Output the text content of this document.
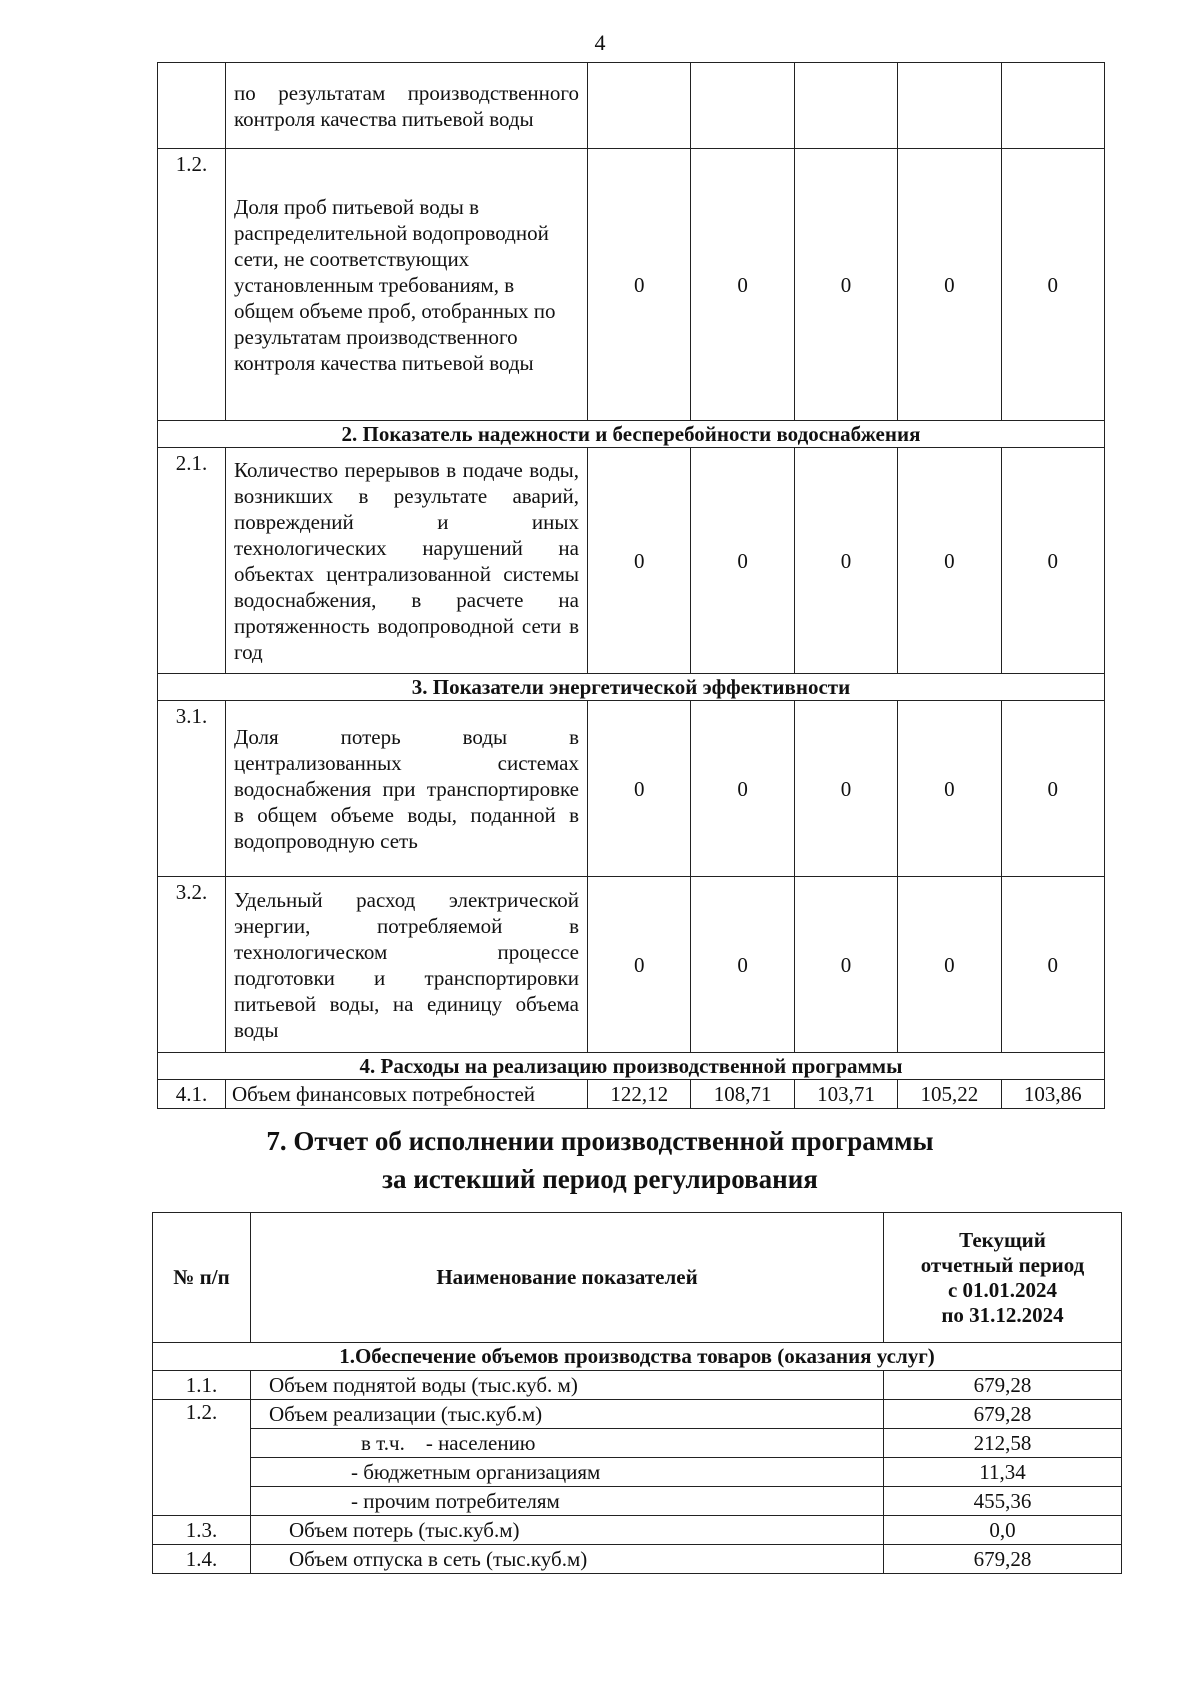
4
	по результатам производственного контроля качества питьевой воды					
1.2.	Доля проб питьевой воды в распределительной водопроводной сети, не соответствующих установленным требованиям, в общем объеме проб, отобранных по результатам производственного контроля качества питьевой воды	0	0	0	0	0
2. Показатель надежности и бесперебойности водоснабжения						
2.1.	Количество перерывов в подаче воды, возникших в результате аварий, повреждений и иных технологических нарушений на объектах централизованной системы водоснабжения, в расчете на протяженность водопроводной сети в год	0	0	0	0	0
3. Показатели энергетической эффективности						
3.1.	Доля потерь воды в централизованных системах водоснабжения при транспортировке в общем объеме воды, поданной в водопроводную сеть	0	0	0	0	0
3.2.	Удельный расход электрической энергии, потребляемой в технологическом процессе подготовки и транспортировки питьевой воды, на единицу объема воды	0	0	0	0	0
4. Расходы на реализацию производственной программы						
4.1.	Объем финансовых потребностей	122,12	108,71	103,71	105,22	103,86
7. Отчет об исполнении производственной программы
за истекший период регулирования
№ п/п	Наименование показателей	Текущий
отчетный период
с 01.01.2024
по 31.12.2024

1.Обеспечение объемов производства товаров (оказания услуг)		
1.1.	Объем поднятой воды (тыс.куб. м)	679,28
1.2.	Объем реализации (тыс.куб.м)	679,28
	в т.ч.    - населению	212,58
	- бюджетным организациям	11,34
	- прочим потребителям	455,36
1.3.	Объем потерь (тыс.куб.м)	0,0
1.4.	Объем отпуска в сеть (тыс.куб.м)	679,28
